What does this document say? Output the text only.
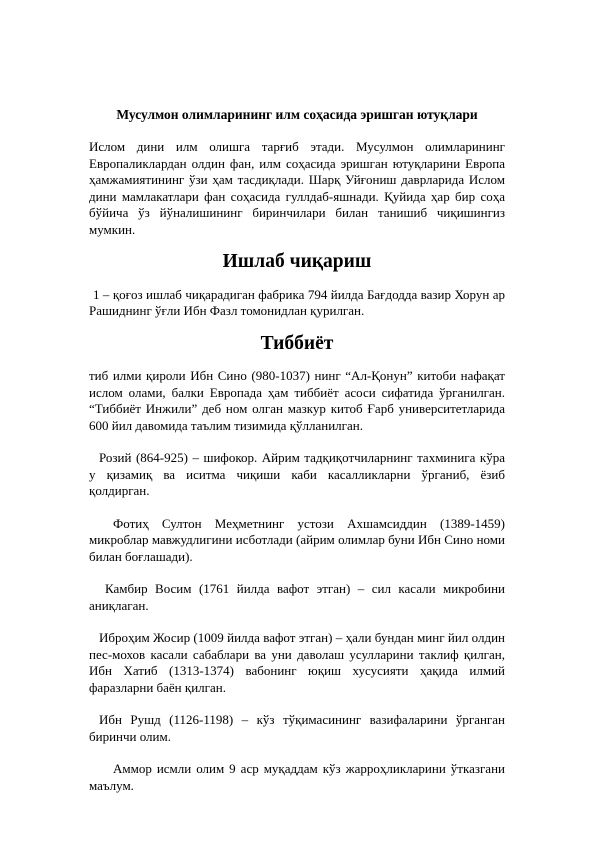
Мусулмон олимларининг илм соҳасида эришган ютуқлари

Ислом дини илм олишга тарғиб этади. Мусулмон олимларининг Европаликлардан олдин фан, илм соҳасида эришган ютуқларини Европа ҳамжамиятининг ўзи ҳам тасдиқлади. Шарқ Уйғониш даврларида Ислом дини мамлакатлари фан соҳасида гуллдаб-яшнади. Қуйида ҳар бир соҳа бўйича ўз йўналишининг биринчилари билан танишиб чиқишингиз мумкин.

Ишлаб чиқариш

1 – қоғоз ишлаб чиқарадиган фабрика 794 йилда Бағдодда вазир Хорун ар Рашиднинг ўғли Ибн Фазл томонидлан қурилган.

Тиббиёт

тиб илми қироли Ибн Сино (980-1037) нинг “Ал-Қонун” китоби нафақат ислом олами, балки Европада ҳам тиббиёт асоси сифатида ўрганилган. “Тиббиёт Инжили” деб ном олган мазкур китоб Ғарб университетларида 600 йил давомида таълим тизимида қўлланилган.

Розий (864-925) – шифокор. Айрим тадқиқотчиларнинг тахминига кўра у қизамиқ ва иситма чиқиши каби касалликларни ўрганиб, ёзиб қолдирган.

Фотиҳ Султон Меҳметнинг устози Ахшамсиддин (1389-1459) микроблар мавжудлигини исботлади (айрим олимлар буни Ибн Сино номи билан боғлашади).

Камбир Восим (1761 йилда вафот этган) – сил касали микробини аниқлаган.

Иброҳим Жосир (1009 йилда вафот этган) – ҳали бундан минг йил олдин пес-мохов касали сабаблари ва уни даволаш усулларини таклиф қилган, Ибн Хатиб (1313-1374) вабонинг юқиш хусусияти ҳақида илмий фаразларни баён қилган.

Ибн Рушд (1126-1198) – кўз тўқимасининг вазифаларини ўрганган биринчи олим.

Аммор исмли олим 9 аср муқаддам кўз жарроҳликларини ўтказгани маълум.
